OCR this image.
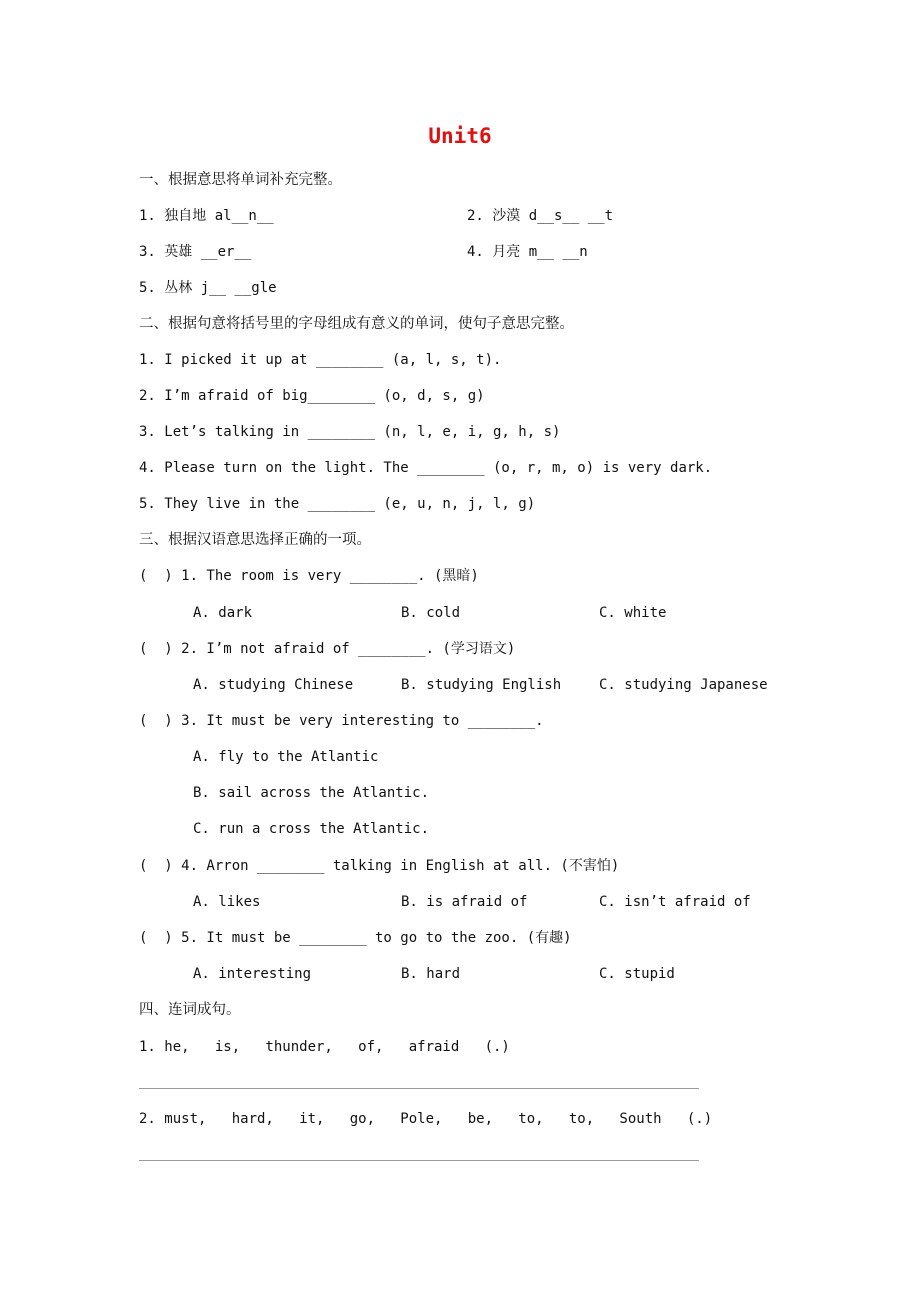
Unit6
一、根据意思将单词补充完整。
1. 独自地 al__n__	2. 沙漠 d__s__ __t
3. 英雄 __er__	4. 月亮 m__ __n
5. 丛林 j__ __gle
二、根据句意将括号里的字母组成有意义的单词，使句子意思完整。
1. I picked it up at ________ (a, l, s, t).
2. I’m afraid of big________ (o, d, s, g)
3. Let’s talking in ________ (n, l, e, i, g, h, s)
4. Please turn on the light. The ________ (o, r, m, o) is very dark.
5. They live in the ________ (e, u, n, j, l, g)
三、根据汉语意思选择正确的一项。
(  ) 1. The room is very ________. (黑暗)
A. dark	B. cold	C. white
(  ) 2. I’m not afraid of ________. (学习语文)
A. studying Chinese	B. studying English	C. studying Japanese
(  ) 3. It must be very interesting to ________.
A. fly to the Atlantic
B. sail across the Atlantic.
C. run a cross the Atlantic.
(  ) 4. Arron ________ talking in English at all. (不害怕)
A. likes	B. is afraid of	C. isn’t afraid of
(  ) 5. It must be ________ to go to the zoo. (有趣)
A. interesting	B. hard	C. stupid
四、连词成句。
1. he,   is,   thunder,   of,   afraid   (.)
2. must,   hard,   it,   go,   Pole,   be,   to,   to,   South   (.)
